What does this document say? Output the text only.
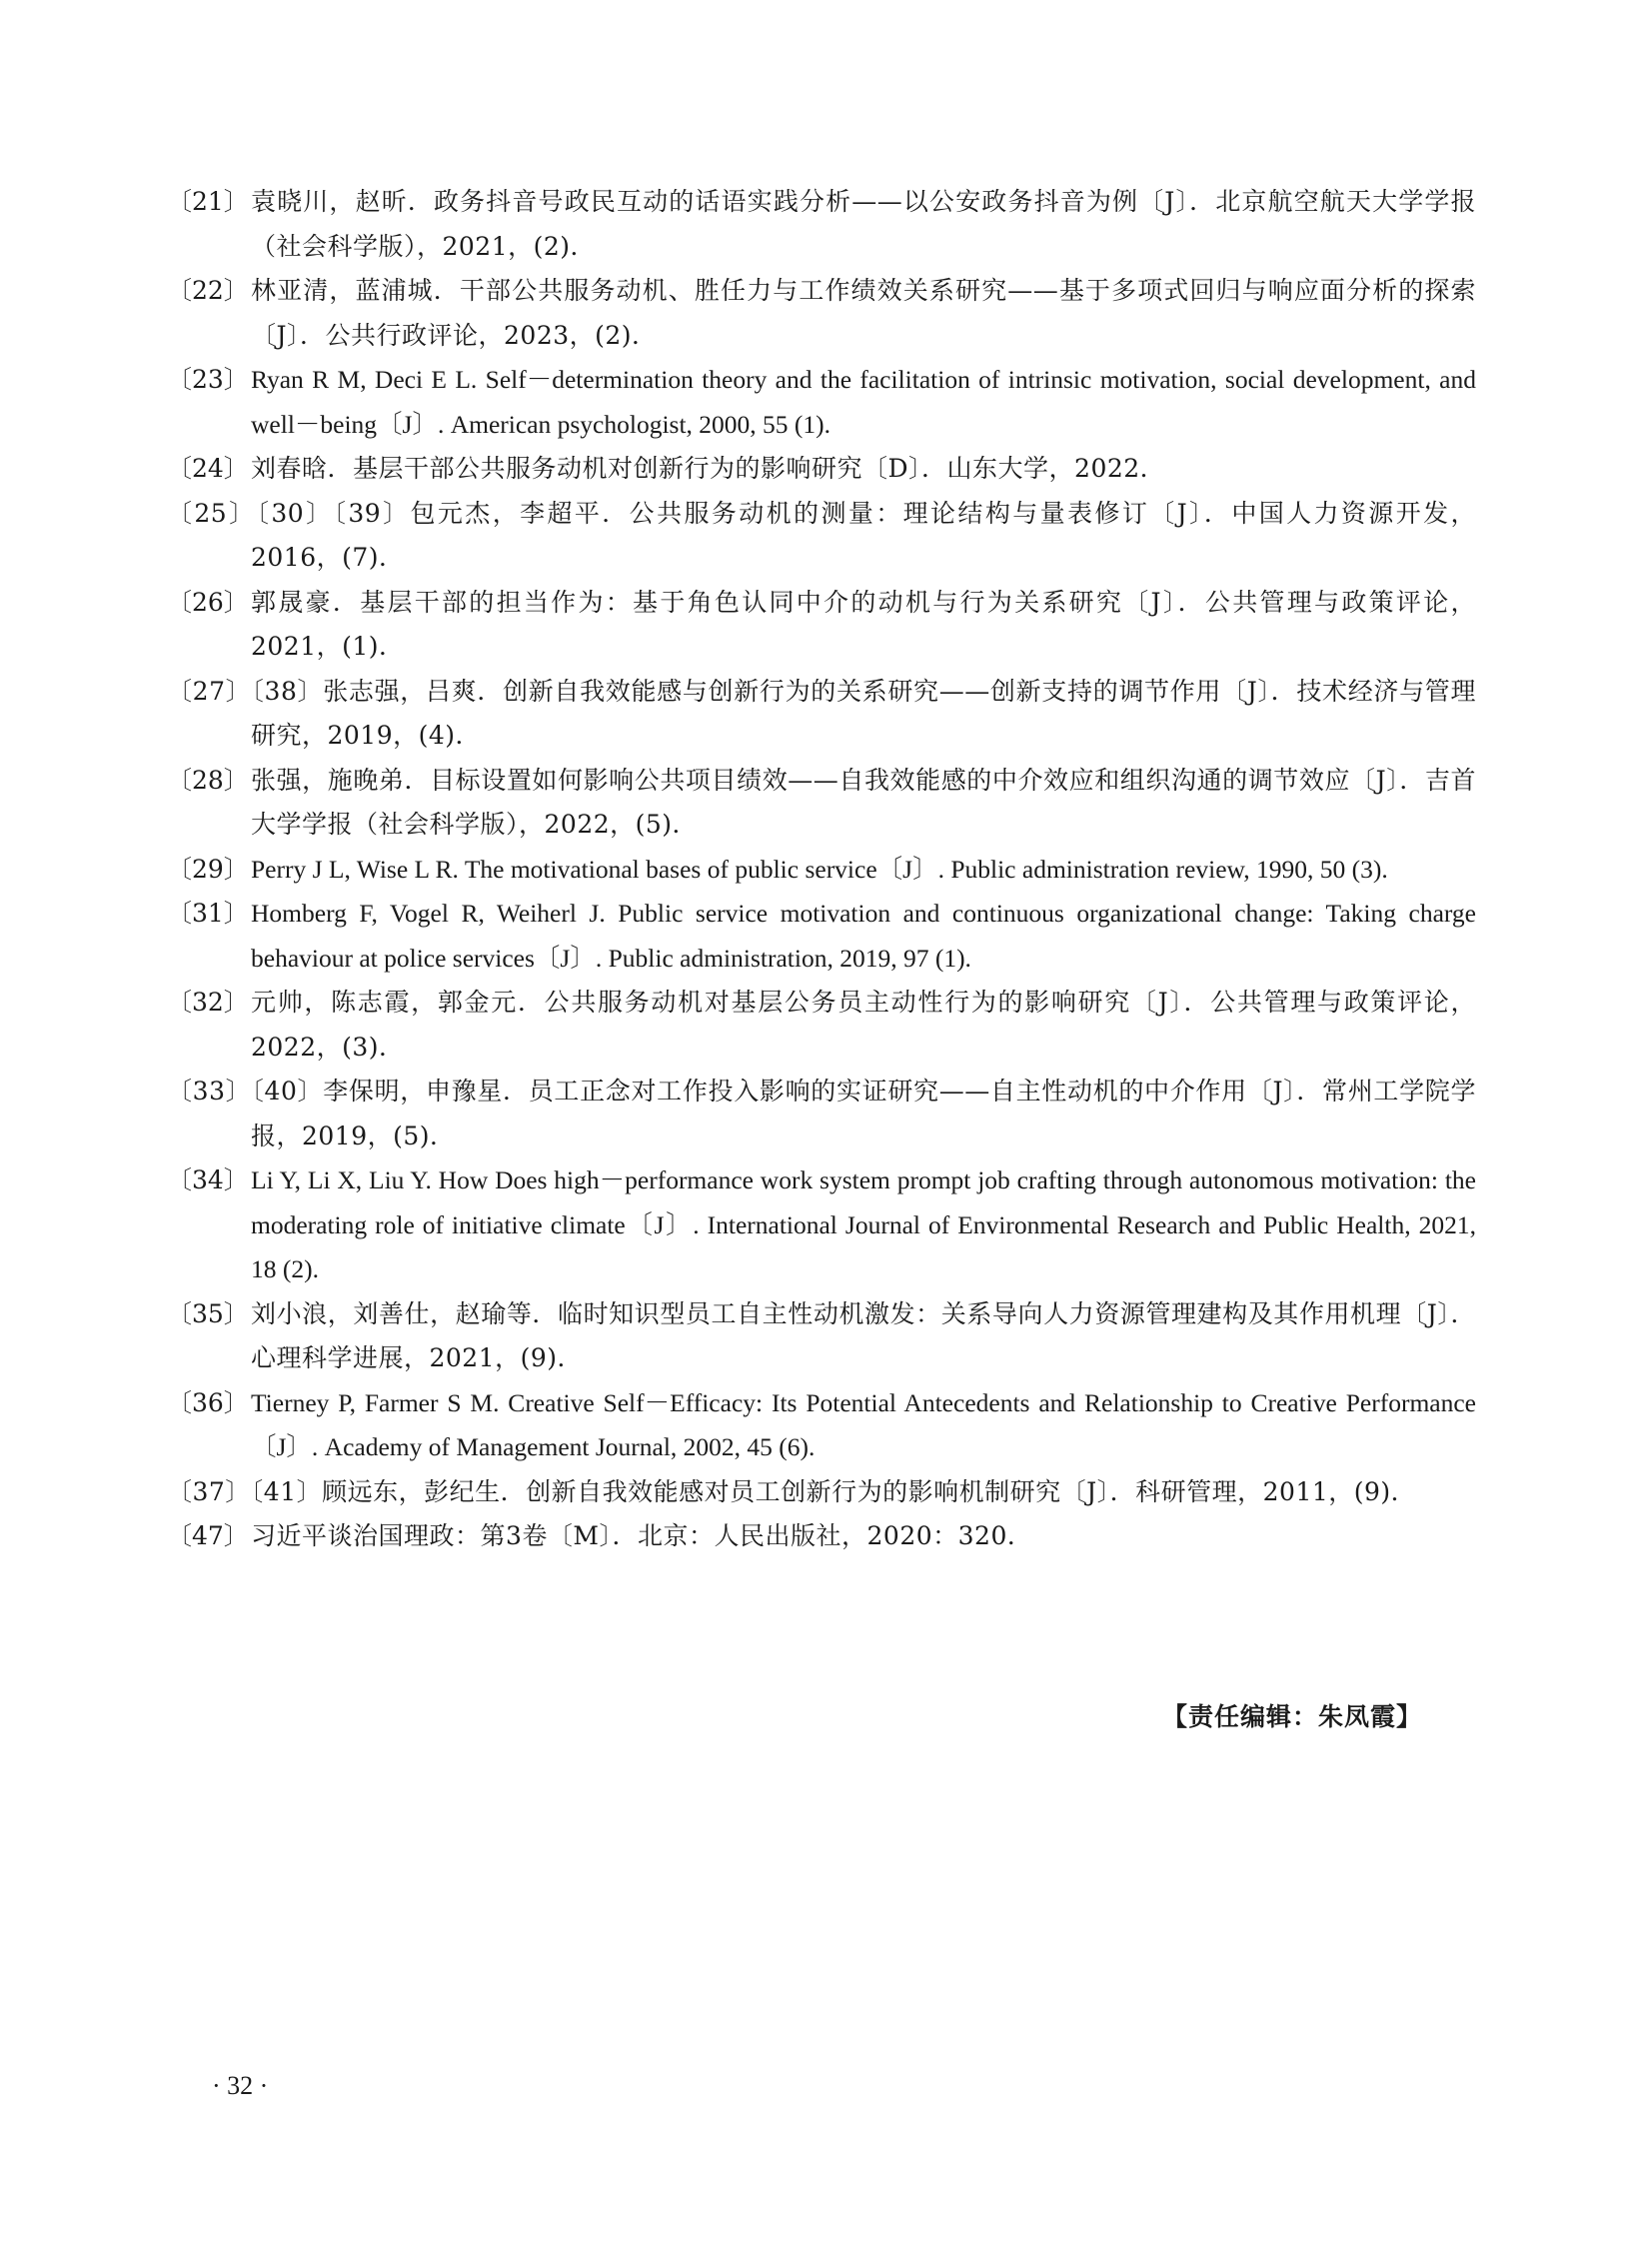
〔21〕 袁晓川，赵昕．政务抖音号政民互动的话语实践分析——以公安政务抖音为例〔J〕．北京航空航天大学学报（社会科学版），2021，(2)．
〔22〕 林亚清，蓝浦城．干部公共服务动机、胜任力与工作绩效关系研究——基于多项式回归与响应面分析的探索〔J〕．公共行政评论，2023，(2)．
〔23〕 Ryan R M, Deci E L. Self－determination theory and the facilitation of intrinsic motivation, social development, and well－being〔J〕. American psychologist, 2000, 55 (1).
〔24〕 刘春晗．基层干部公共服务动机对创新行为的影响研究〔D〕．山东大学，2022．
〔25〕〔30〕〔39〕包元杰，李超平．公共服务动机的测量：理论结构与量表修订〔J〕．中国人力资源开发，2016，(7)．
〔26〕 郭晟豪．基层干部的担当作为：基于角色认同中介的动机与行为关系研究〔J〕．公共管理与政策评论，2021，(1)．
〔27〕〔38〕张志强，吕爽．创新自我效能感与创新行为的关系研究——创新支持的调节作用〔J〕．技术经济与管理研究，2019，(4)．
〔28〕 张强，施晚弟．目标设置如何影响公共项目绩效——自我效能感的中介效应和组织沟通的调节效应〔J〕．吉首大学学报（社会科学版），2022，(5)．
〔29〕 Perry J L, Wise L R. The motivational bases of public service〔J〕. Public administration review, 1990, 50 (3).
〔31〕 Homberg F, Vogel R, Weiherl J. Public service motivation and continuous organizational change: Taking charge behaviour at police services〔J〕. Public administration, 2019, 97 (1).
〔32〕 元帅，陈志霞，郭金元．公共服务动机对基层公务员主动性行为的影响研究〔J〕．公共管理与政策评论，2022，(3)．
〔33〕〔40〕李保明，申豫星．员工正念对工作投入影响的实证研究——自主性动机的中介作用〔J〕．常州工学院学报，2019，(5)．
〔34〕 Li Y, Li X, Liu Y. How Does high－performance work system prompt job crafting through autonomous motivation: the moderating role of initiative climate〔J〕. International Journal of Environmental Research and Public Health, 2021, 18 (2).
〔35〕 刘小浪，刘善仕，赵瑜等．临时知识型员工自主性动机激发：关系导向人力资源管理建构及其作用机理〔J〕．心理科学进展，2021，(9)．
〔36〕 Tierney P, Farmer S M. Creative Self－Efficacy: Its Potential Antecedents and Relationship to Creative Performance〔J〕. Academy of Management Journal, 2002, 45 (6).
〔37〕〔41〕顾远东，彭纪生．创新自我效能感对员工创新行为的影响机制研究〔J〕．科研管理，2011，(9)．
〔47〕 习近平谈治国理政：第3卷〔M〕．北京：人民出版社，2020：320．
【责任编辑：朱凤霞】
· 32 ·
